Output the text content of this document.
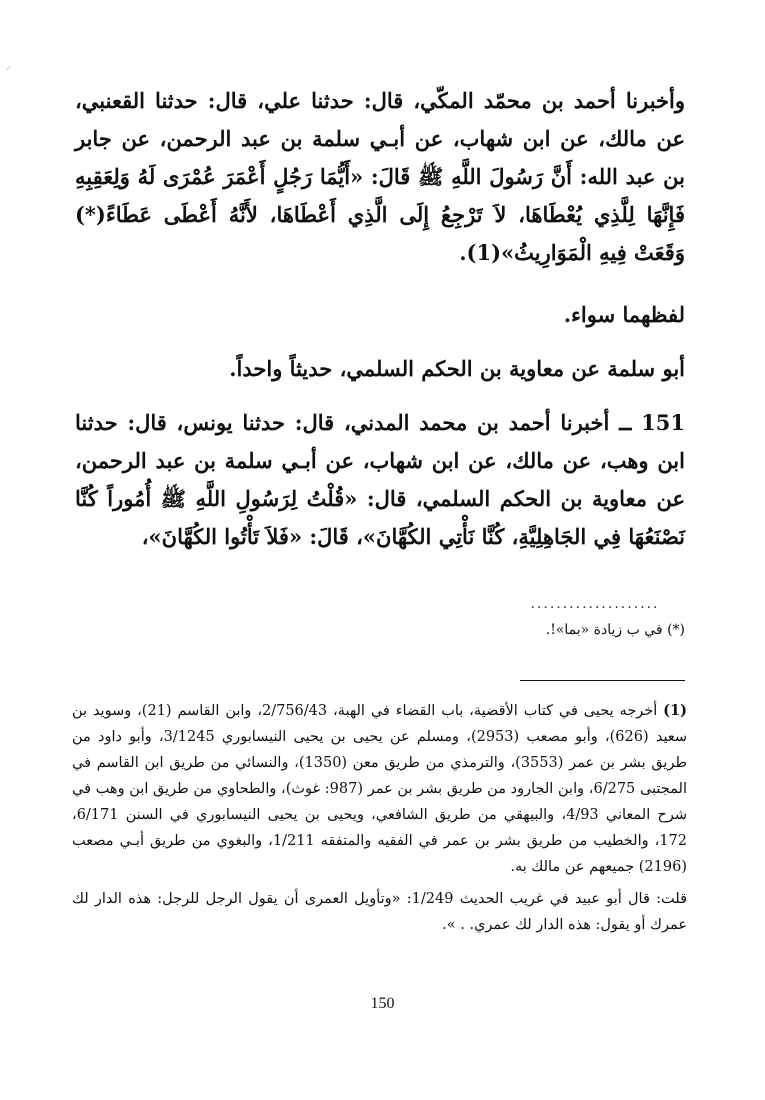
⸝

وأخبرنا أحمد بن محمّد المكّي، قال: حدثنا علي، قال: حدثنا القعنبي، عن مالك، عن ابن شهاب، عن أبـي سلمة بن عبد الرحمن، عن جابر بن عبد الله: أَنَّ رَسُولَ اللَّهِ ﷺ قَالَ: «أَيُّمَا رَجُلٍ أَعْمَرَ عُمْرَى لَهُ وَلِعَقِبِهِ فَإِنَّهَا لِلَّذِي يُعْطَاهَا، لاَ تَرْجِعُ إِلَى الَّذِي أَعْطَاهَا، لأَنَّهُ أَعْطَى عَطَاءً(*) وَقَعَتْ فِيهِ الْمَوَارِيثُ»(1).

لفظهما سواء.

أبو سلمة عن معاوية بن الحكم السلمي، حديثاً واحداً.

151 ــ أخبرنا أحمد بن محمد المدني، قال: حدثنا يونس، قال: حدثنا ابن وهب، عن مالك، عن ابن شهاب، عن أبـي سلمة بن عبد الرحمن، عن معاوية بن الحكم السلمي، قال: «قُلْتُ لِرَسُولِ اللَّهِ ﷺ أُمُوراً كُنَّا نَصْنَعُهَا فِي الجَاهِلِيَّةِ، كُنَّا نَأْتِي الكُهَّانَ»، قَالَ: «فَلاَ تَأْتُوا الكُهَّانَ»،

....................
(*) في ب زيادة «بما»!.

(1) أخرجه يحيى في كتاب الأقضية، باب القضاء في الهبة، 2/756/43، وابن القاسم (21)، وسويد بن سعيد (626)، وأبو مصعب (2953)، ومسلم عن يحيى بن يحيى النيسابوري 3/1245، وأبو داود من طريق بشر بن عمر (3553)، والترمذي من طريق معن (1350)، والنسائي من طريق ابن القاسم في المجتبى 6/275، وابن الجارود من طريق بشر بن عمر (987: غوث)، والطحاوي من طريق ابن وهب في شرح المعاني 4/93، والبيهقي من طريق الشافعي، ويحيى بن يحيى النيسابوري في السنن 6/171، 172، والخطيب من طريق بشر بن عمر في الفقيه والمتفقه 1/211، والبغوي من طريق أبـي مصعب (2196) جميعهم عن مالك به.

قلت: قال أبو عبيد في غريب الحديث 1/249: «وتأويل العمرى أن يقول الرجل للرجل: هذه الدار لك عمرك أو يقول: هذه الدار لك عمري. . ».

150
